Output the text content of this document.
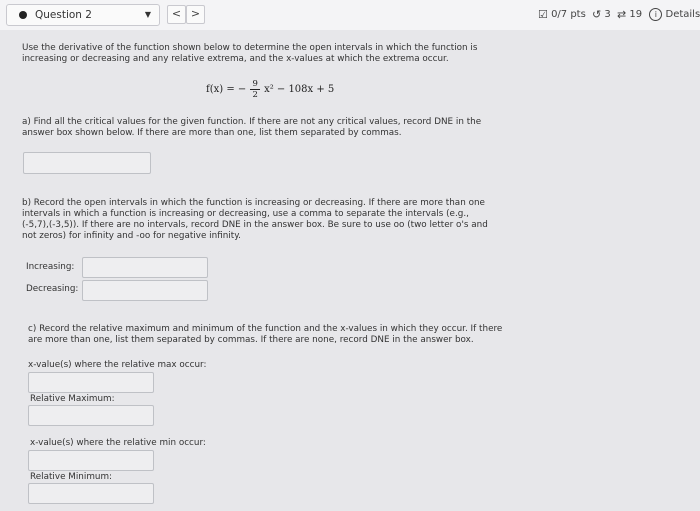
Question 2	▼	< >	☑ 0/7 pts ↺ 3 ⇄ 19 i Details
Use the derivative of the function shown below to determine the open intervals in which the function is
increasing or decreasing and any relative extrema, and the x-values at which the extrema occur.
f(x) = − $\frac{9}{2} x^2 - 108x + 5$
a) Find all the critical values for the given function. If there are not any critical values, record DNE in the
answer box shown below. If there are more than one, list them separated by commas.
b) Record the open intervals in which the function is increasing or decreasing. If there are more than one
intervals in which a function is increasing or decreasing, use a comma to separate the intervals (e.g.,
(-5,7),(-3,5)). If there are no intervals, record DNE in the answer box. Be sure to use oo (two letter o's and
not zeros) for infinity and -oo for negative infinity.
Increasing:
Decreasing:
c) Record the relative maximum and minimum of the function and the x-values in which they occur. If there
are more than one, list them separated by commas. If there are none, record DNE in the answer box.
x-value(s) where the relative max occur:
Relative Maximum:
x-value(s) where the relative min occur:
Relative Minimum:
